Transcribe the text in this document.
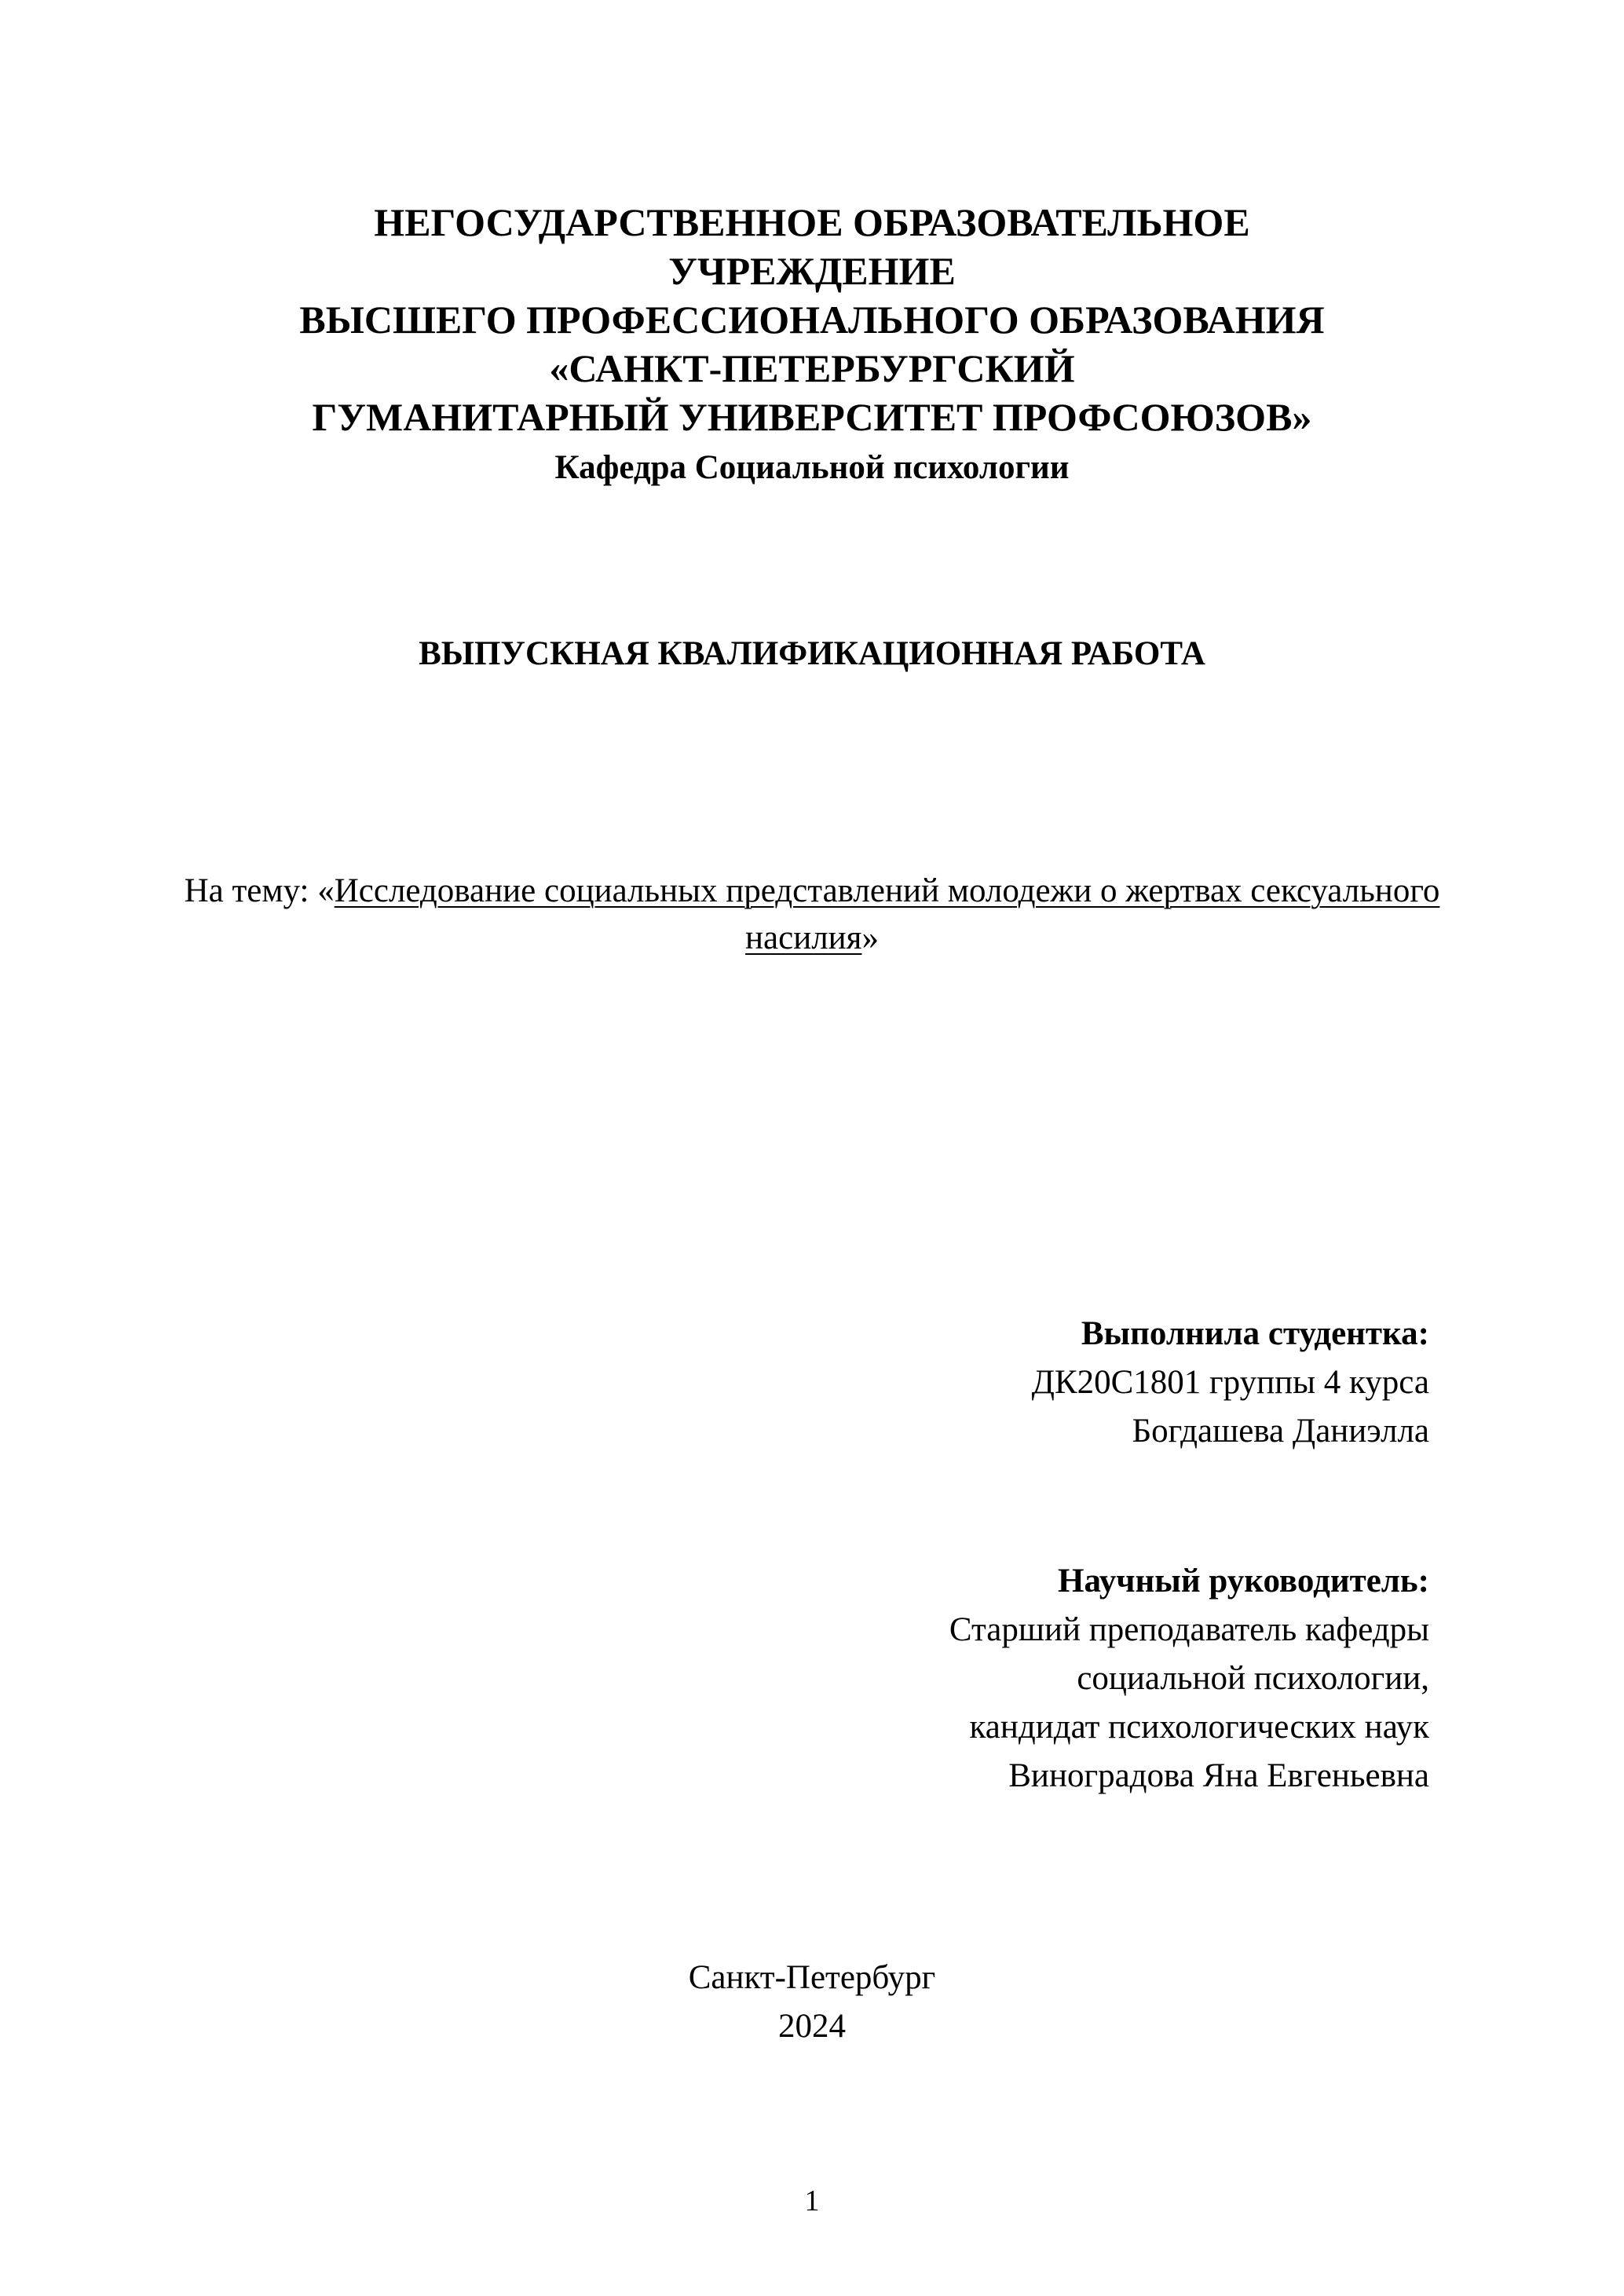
НЕГОСУДАРСТВЕННОЕ ОБРАЗОВАТЕЛЬНОЕ
УЧРЕЖДЕНИЕ
ВЫСШЕГО ПРОФЕССИОНАЛЬНОГО ОБРАЗОВАНИЯ
«САНКТ-ПЕТЕРБУРГСКИЙ
ГУМАНИТАРНЫЙ УНИВЕРСИТЕТ ПРОФСОЮЗОВ»
Кафедра Социальной психологии
ВЫПУСКНАЯ КВАЛИФИКАЦИОННАЯ РАБОТА
На тему: «Исследование социальных представлений молодежи о жертвах сексуального насилия»
Выполнила студентка:
ДК20С1801 группы 4 курса
Богдашева Даниэлла
Научный руководитель:
Старший преподаватель кафедры
социальной психологии,
кандидат психологических наук
Виноградова Яна Евгеньевна
Санкт-Петербург
2024
1
